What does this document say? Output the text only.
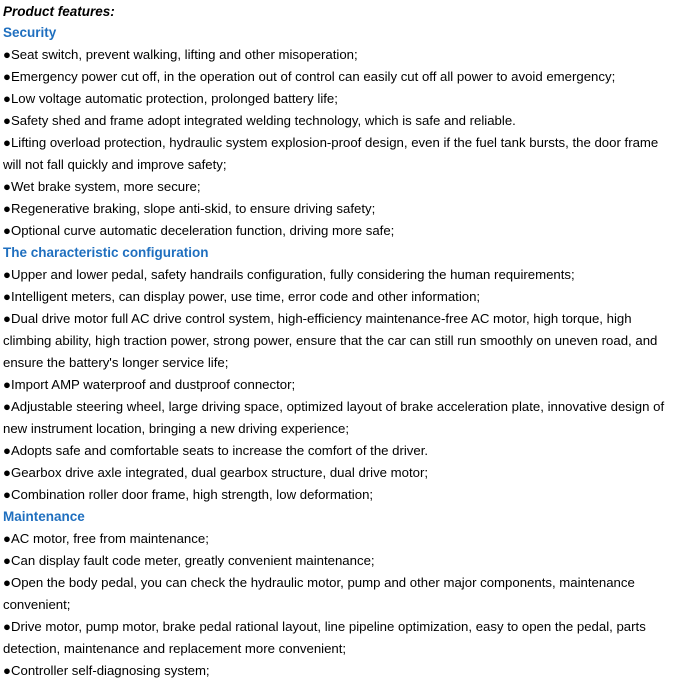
Product features:
Security
●Seat switch, prevent walking, lifting and other misoperation;
●Emergency power cut off, in the operation out of control can easily cut off all power to avoid emergency;
●Low voltage automatic protection, prolonged battery life;
●Safety shed and frame adopt integrated welding technology, which is safe and reliable.
●Lifting overload protection, hydraulic system explosion-proof design, even if the fuel tank bursts, the door frame will not fall quickly and improve safety;
●Wet brake system, more secure;
●Regenerative braking, slope anti-skid, to ensure driving safety;
●Optional curve automatic deceleration function, driving more safe;
The characteristic configuration
●Upper and lower pedal, safety handrails configuration, fully considering the human requirements;
●Intelligent meters, can display power, use time, error code and other information;
●Dual drive motor full AC drive control system, high-efficiency maintenance-free AC motor, high torque, high climbing ability, high traction power, strong power, ensure that the car can still run smoothly on uneven road, and ensure the battery's longer service life;
●Import AMP waterproof and dustproof connector;
●Adjustable steering wheel, large driving space, optimized layout of brake acceleration plate, innovative design of new instrument location, bringing a new driving experience;
●Adopts safe and comfortable seats to increase the comfort of the driver.
●Gearbox drive axle integrated, dual gearbox structure, dual drive motor;
●Combination roller door frame, high strength, low deformation;
Maintenance
●AC motor, free from maintenance;
●Can display fault code meter, greatly convenient maintenance;
●Open the body pedal, you can check the hydraulic motor, pump and other major components, maintenance convenient;
●Drive motor, pump motor, brake pedal rational layout, line pipeline optimization, easy to open the pedal, parts detection, maintenance and replacement more convenient;
●Controller self-diagnosing system;
